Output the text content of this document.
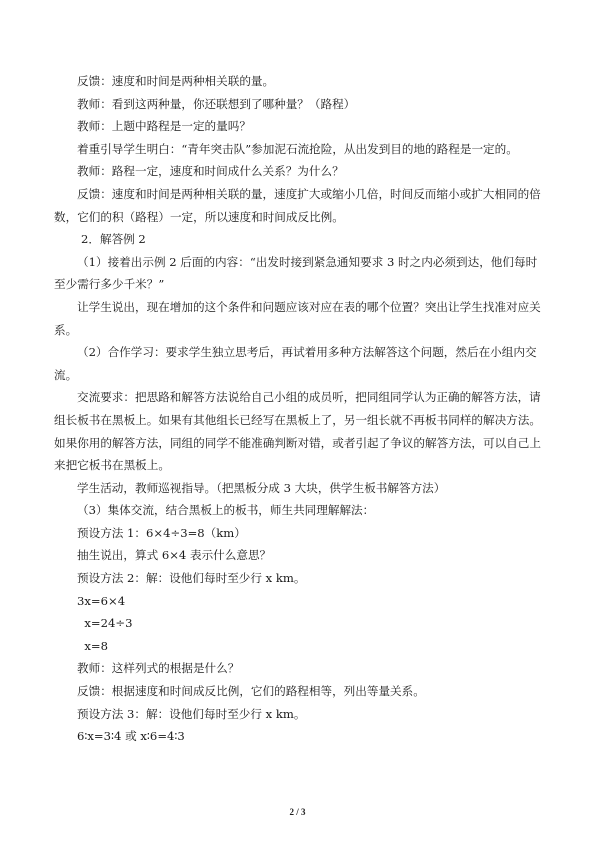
反馈：速度和时间是两种相关联的量。

教师：看到这两种量，你还联想到了哪种量？（路程）

教师：上题中路程是一定的量吗？

着重引导学生明白：“青年突击队”参加泥石流抢险，从出发到目的地的路程是一定的。

教师：路程一定，速度和时间成什么关系？为什么？

反馈：速度和时间是两种相关联的量，速度扩大或缩小几倍，时间反而缩小或扩大相同的倍数，它们的积（路程）一定，所以速度和时间成反比例。

2．解答例 2

（1）接着出示例 2 后面的内容：“出发时接到紧急通知要求 3 时之内必须到达，他们每时至少需行多少千米？”

让学生说出，现在增加的这个条件和问题应该对应在表的哪个位置？突出让学生找准对应关系。

（2）合作学习：要求学生独立思考后，再试着用多种方法解答这个问题，然后在小组内交流。

交流要求：把思路和解答方法说给自己小组的成员听，把同组同学认为正确的解答方法，请组长板书在黑板上。如果有其他组长已经写在黑板上了，另一组长就不再板书同样的解决方法。如果你用的解答方法，同组的同学不能准确判断对错，或者引起了争议的解答方法，可以自己上来把它板书在黑板上。

学生活动，教师巡视指导。（把黑板分成 3 大块，供学生板书解答方法）

（3）集体交流，结合黑板上的板书，师生共同理解解法：

预设方法 1：6×4÷3=8（km）

抽生说出，算式 6×4 表示什么意思？

预设方法 2：解：设他们每时至少行 x km。

3x=6×4

x=24÷3

x=8

教师：这样列式的根据是什么？

反馈：根据速度和时间成反比例，它们的路程相等，列出等量关系。

预设方法 3：解：设他们每时至少行 x km。

6∶x=3∶4 或 x∶6=4∶3

2 / 3
